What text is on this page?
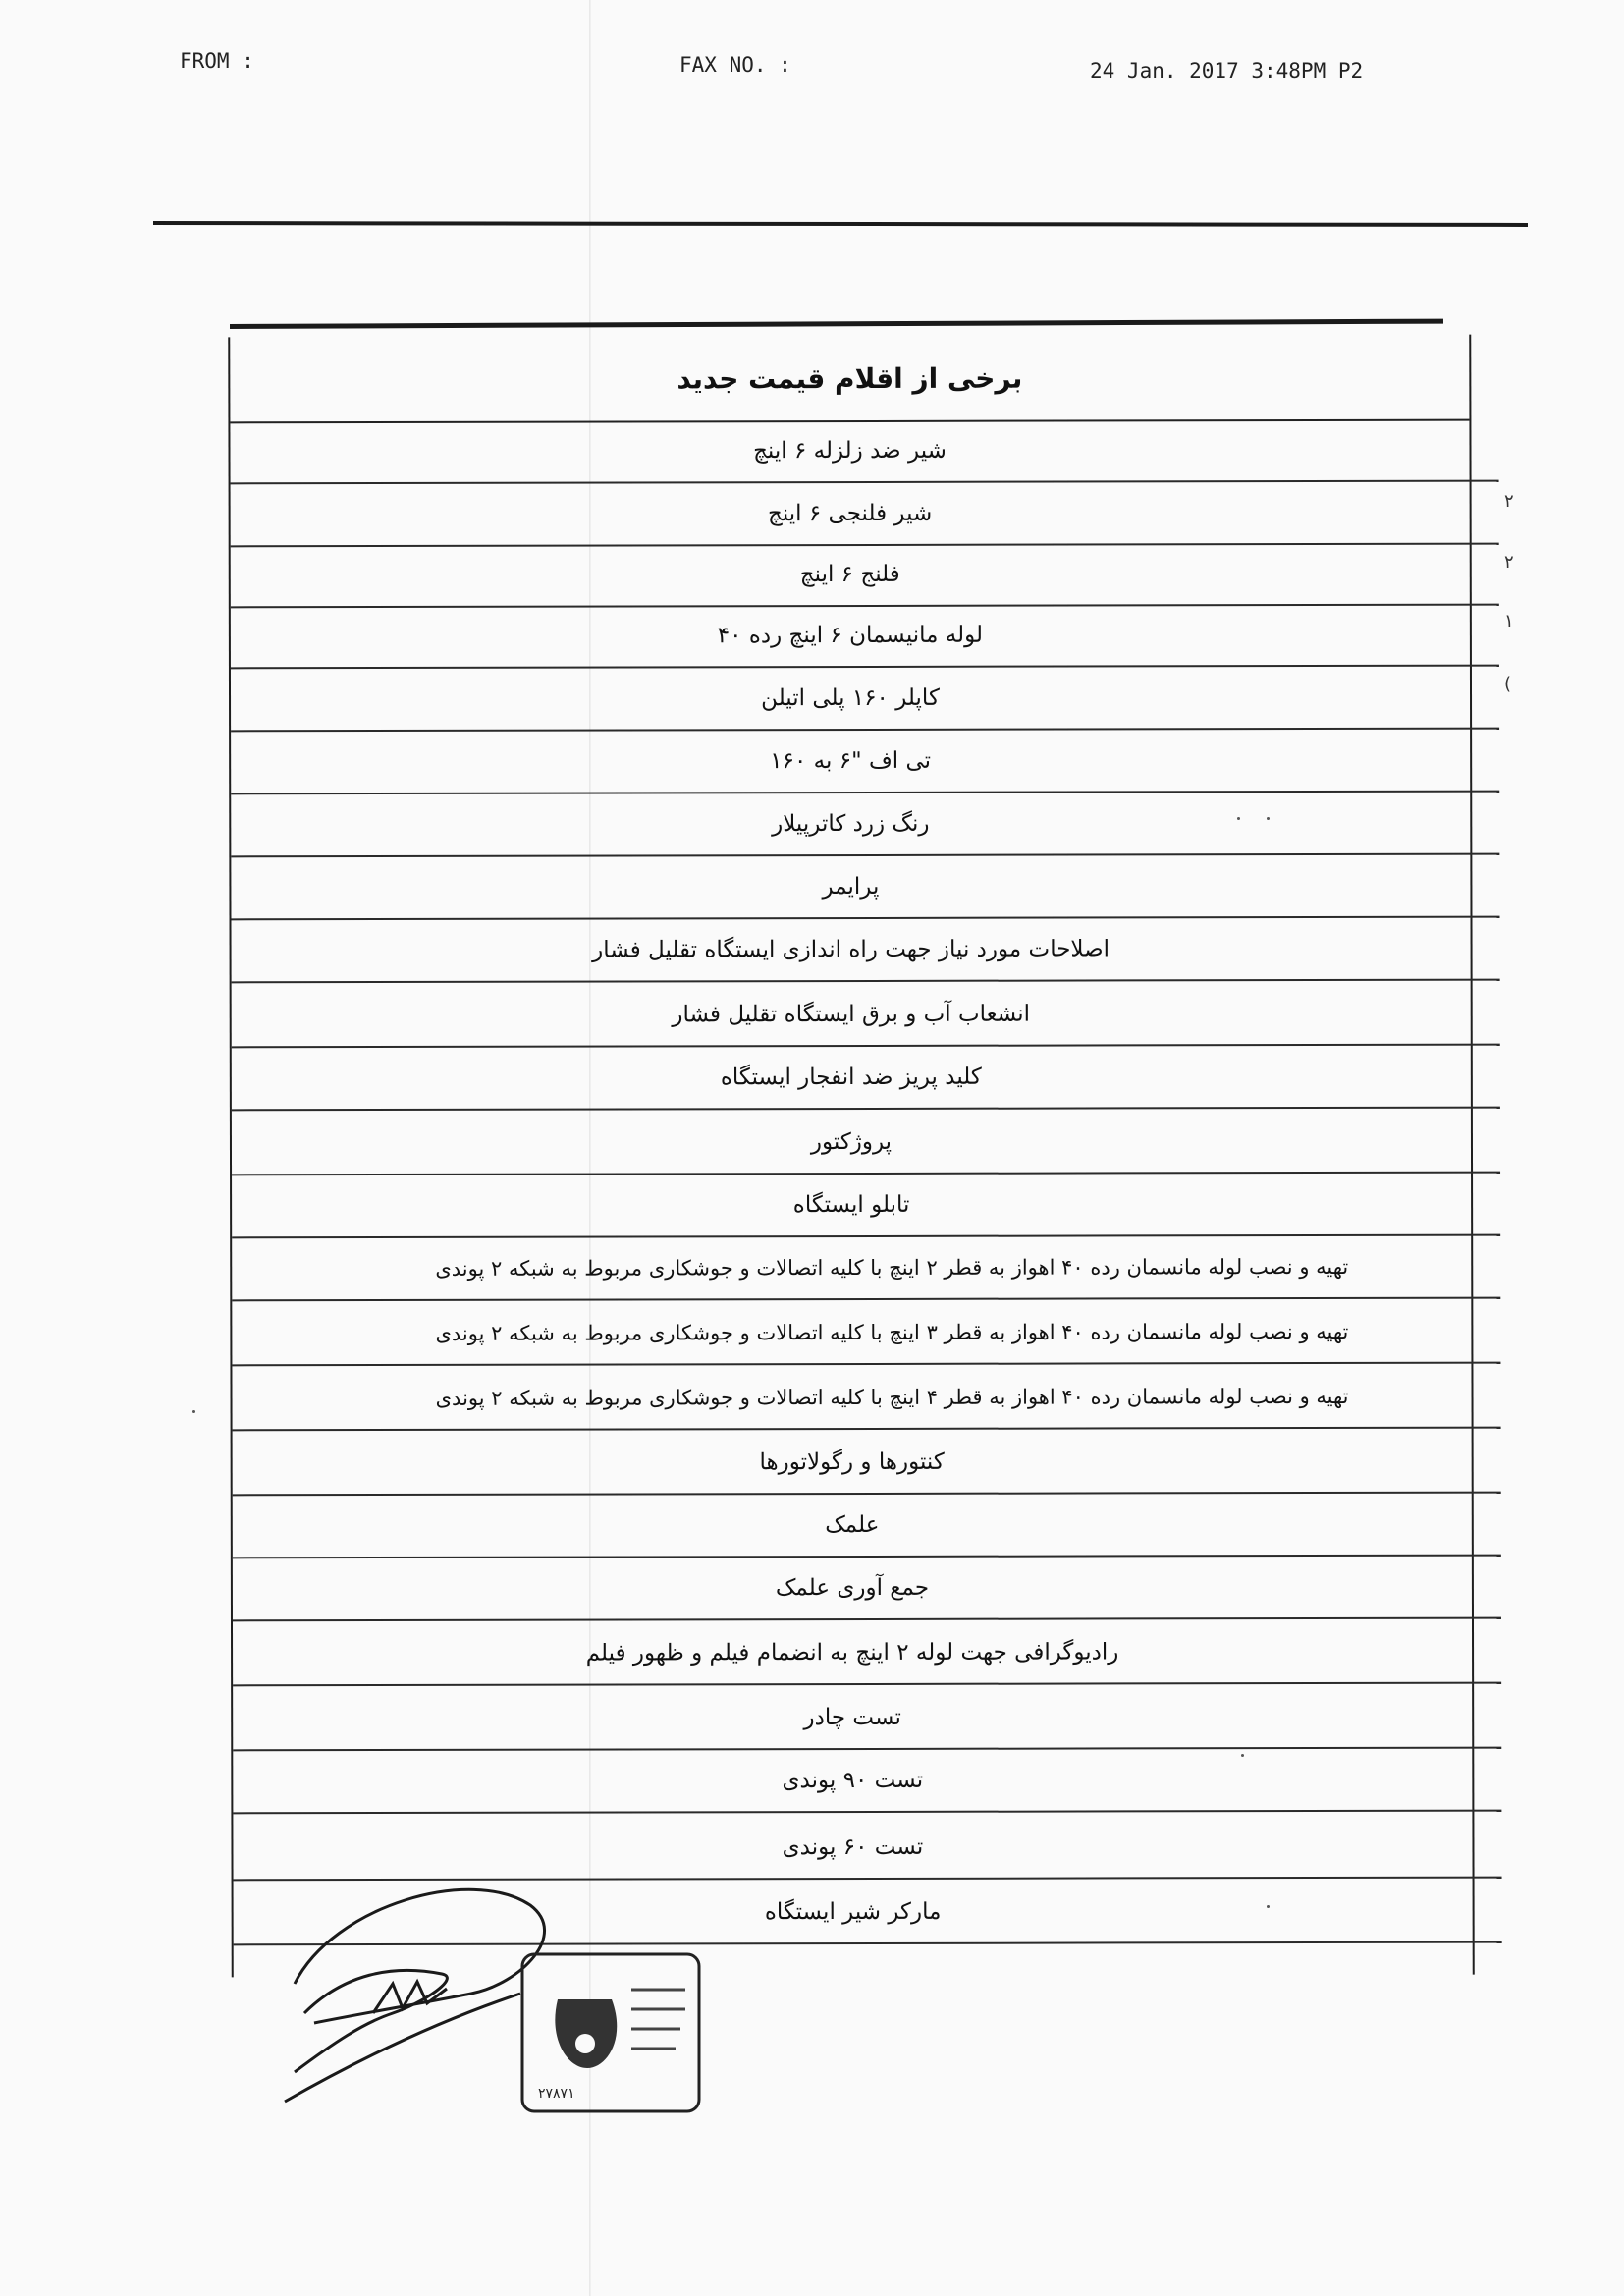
FROM :	FAX NO. :	24 Jan. 2017 3:48PM P2
برخی از اقلام قیمت جدید
شیر ضد زلزله ۶ اینچ
شیر فلنجی ۶ اینچ
فلنج ۶ اینچ
لوله مانیسمان ۶ اینچ رده ۴۰
کاپلر ۱۶۰ پلی اتیلن
تی اف "۶ به ۱۶۰
رنگ زرد کاترپیلار
پرایمر
اصلاحات مورد نیاز جهت راه اندازی ایستگاه تقلیل فشار
انشعاب آب و برق ایستگاه تقلیل فشار
کلید پریز ضد انفجار ایستگاه
پروژکتور
تابلو ایستگاه
تهیه و نصب لوله مانسمان رده ۴۰ اهواز به قطر ۲ اینچ با کلیه اتصالات و جوشکاری مربوط به شبکه ۲ پوندی
تهیه و نصب لوله مانسمان رده ۴۰ اهواز به قطر ۳ اینچ با کلیه اتصالات و جوشکاری مربوط به شبکه ۲ پوندی
تهیه و نصب لوله مانسمان رده ۴۰ اهواز به قطر ۴ اینچ با کلیه اتصالات و جوشکاری مربوط به شبکه ۲ پوندی
کنتورها و رگولاتورها
علمک
جمع آوری علمک
رادیوگرافی جهت لوله ۲ اینچ به انضمام فیلم و ظهور فیلم
تست چادر
تست ۹۰ پوندی
تست ۶۰ پوندی
مارکر شیر ایستگاه
۲
۲
۱
(
۲۷۸۷۱
